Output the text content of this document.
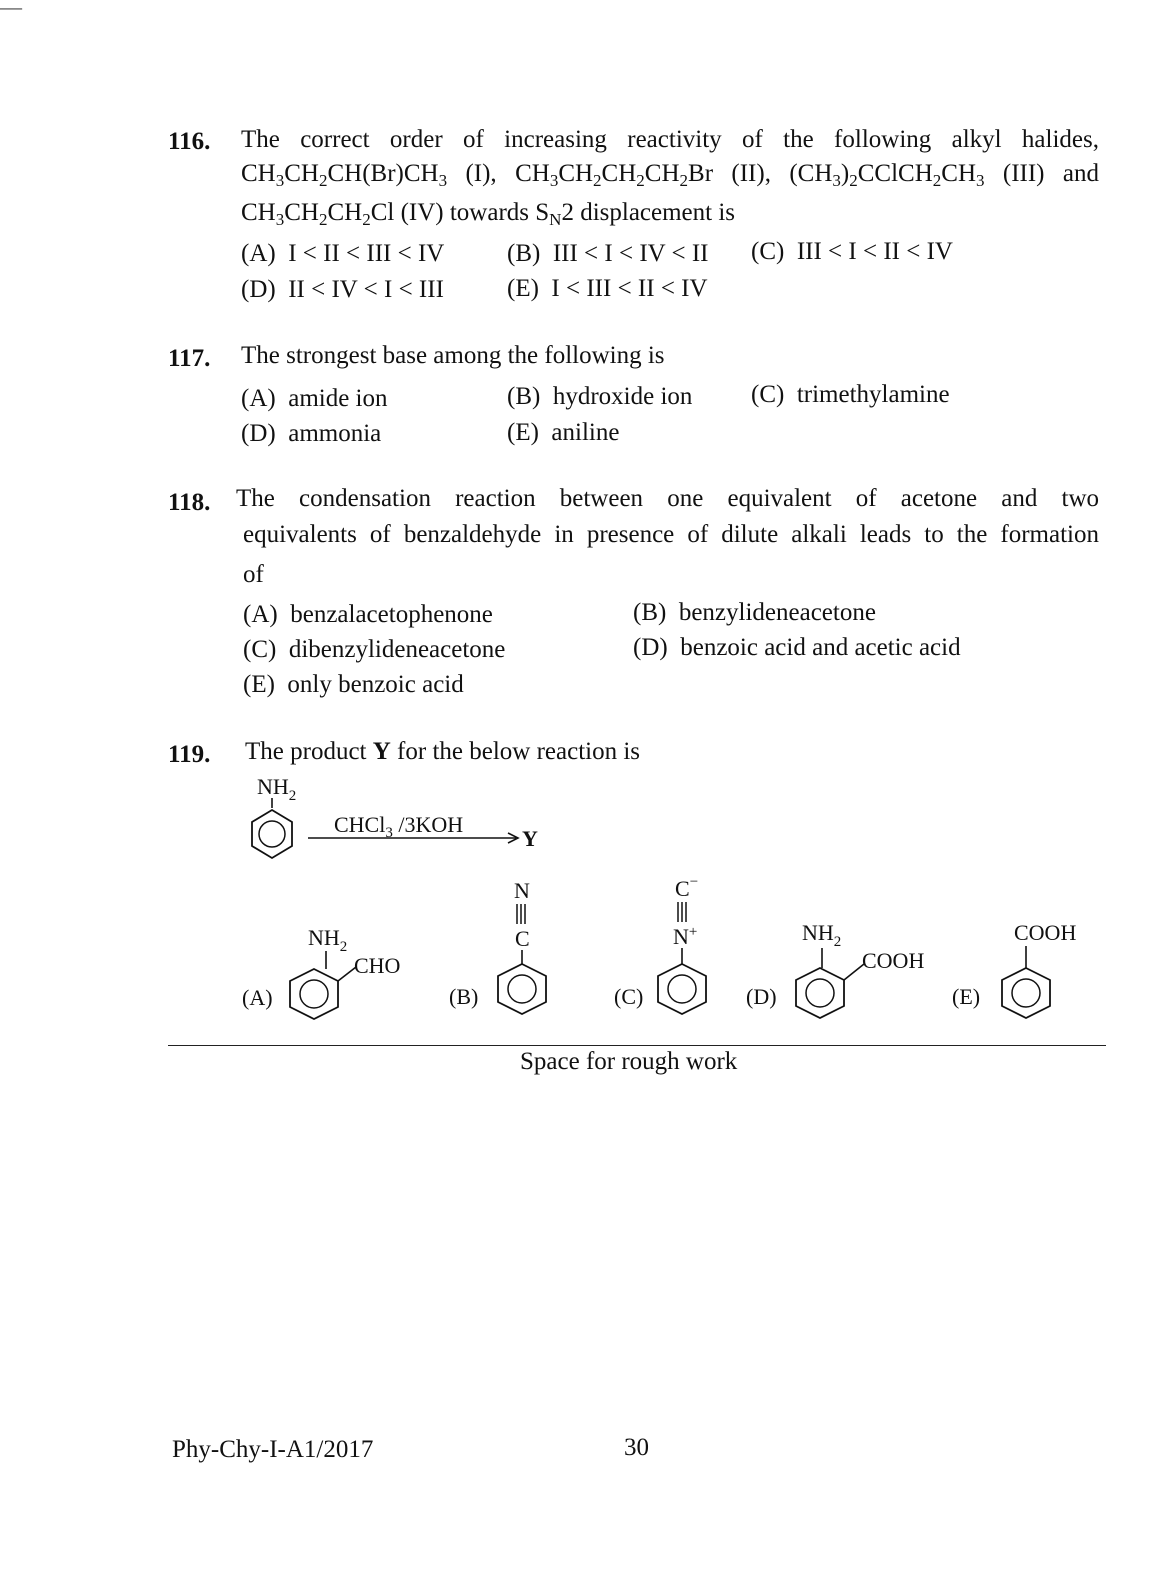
—
116. The correct order of increasing reactivity of the following alkyl halides,
$CH_3CH_2CH(Br)CH_3$ (I), $CH_3CH_2CH_2CH_2Br$ (II), $(CH_3)_2CClCH_2CH_3$ (III) and
$CH_3CH_2CH_2Cl$ (IV) towards $S_N2$ displacement is
(A) I < II < III < IV	(B) III < I < IV < II (C) III < I < II < IV
(D) II < IV < I < III	(E) I < III < II < IV
117. The strongest base among the following is
(A) amide ion	(B) hydroxide ion (C) trimethylamine
(D) ammonia	(E) aniline
118. The condensation reaction between one equivalent of acetone and two
equivalents of benzaldehyde in presence of dilute alkali leads to the formation
of
(A) benzalacetophenone	(B) benzylideneacetone
(C) dibenzylideneacetone	(D) benzoic acid and acetic acid
(E) only benzoic acid
119. The product Y for the below reaction is
$NH_2$
CHCl$_3$ /3KOH
Y
(A)
$NH_2$
CHO
(B)
N
C
(C)
C−
N+
(D)
$NH_2$
COOH
(E)
COOH
Space for rough work
Phy-Chy-I-A1/2017	30
